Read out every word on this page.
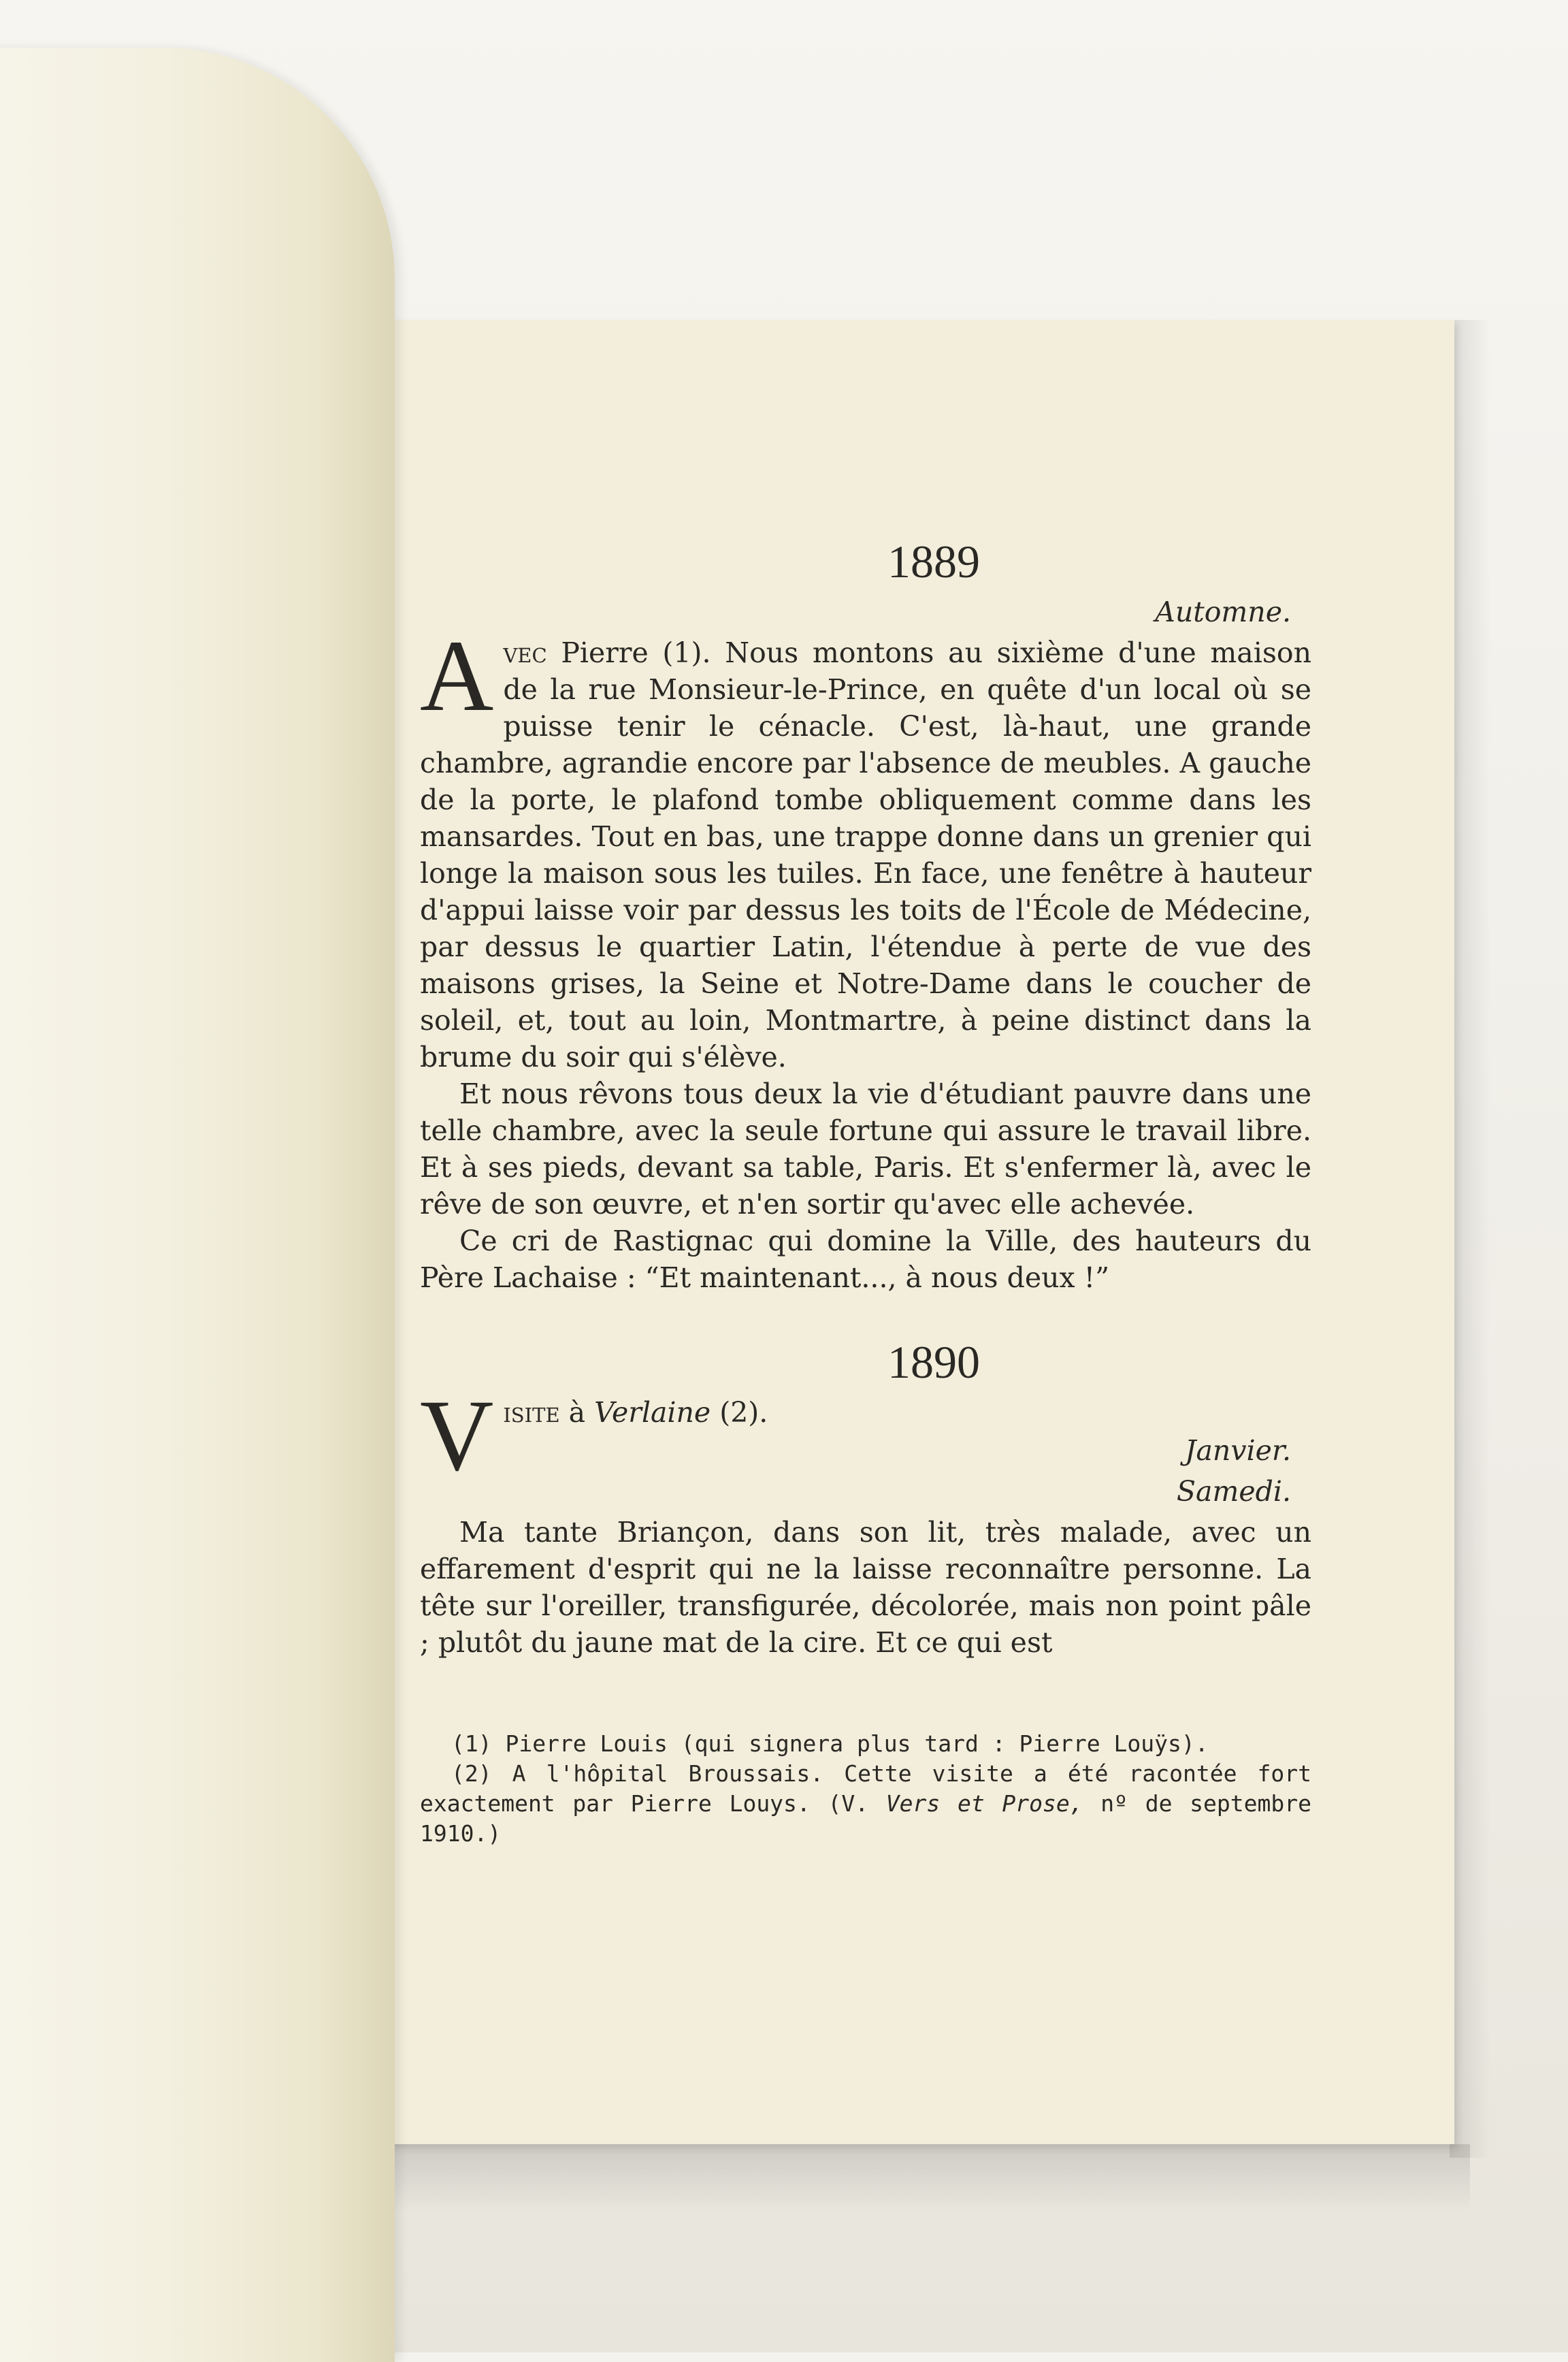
1889
Automne.

Avec Pierre (1). Nous montons au sixième d'une maison de la rue Monsieur-le-Prince, en quête d'un local où se puisse tenir le cénacle. C'est, là-haut, une grande chambre, agrandie encore par l'absence de meubles. A gauche de la porte, le plafond tombe obliquement comme dans les mansardes. Tout en bas, une trappe donne dans un grenier qui longe la maison sous les tuiles. En face, une fenêtre à hauteur d'appui laisse voir par dessus les toits de l'École de Médecine, par dessus le quartier Latin, l'étendue à perte de vue des maisons grises, la Seine et Notre-Dame dans le coucher de soleil, et, tout au loin, Montmartre, à peine distinct dans la brume du soir qui s'élève.

Et nous rêvons tous deux la vie d'étudiant pauvre dans une telle chambre, avec la seule fortune qui assure le travail libre. Et à ses pieds, devant sa table, Paris. Et s'enfermer là, avec le rêve de son œuvre, et n'en sortir qu'avec elle achevée.

Ce cri de Rastignac qui domine la Ville, des hauteurs du Père Lachaise : “Et maintenant..., à nous deux !”

1890
Visite à Verlaine (2).
Janvier.
Samedi.

Ma tante Briançon, dans son lit, très malade, avec un effarement d'esprit qui ne la laisse reconnaître personne. La tête sur l'oreiller, transfigurée, décolorée, mais non point pâle ; plutôt du jaune mat de la cire. Et ce qui est

(1) Pierre Louis (qui signera plus tard : Pierre Louÿs).

(2) A l'hôpital Broussais. Cette visite a été racontée fort exactement par Pierre Louys. (V. Vers et Prose, nº de septembre 1910.)
